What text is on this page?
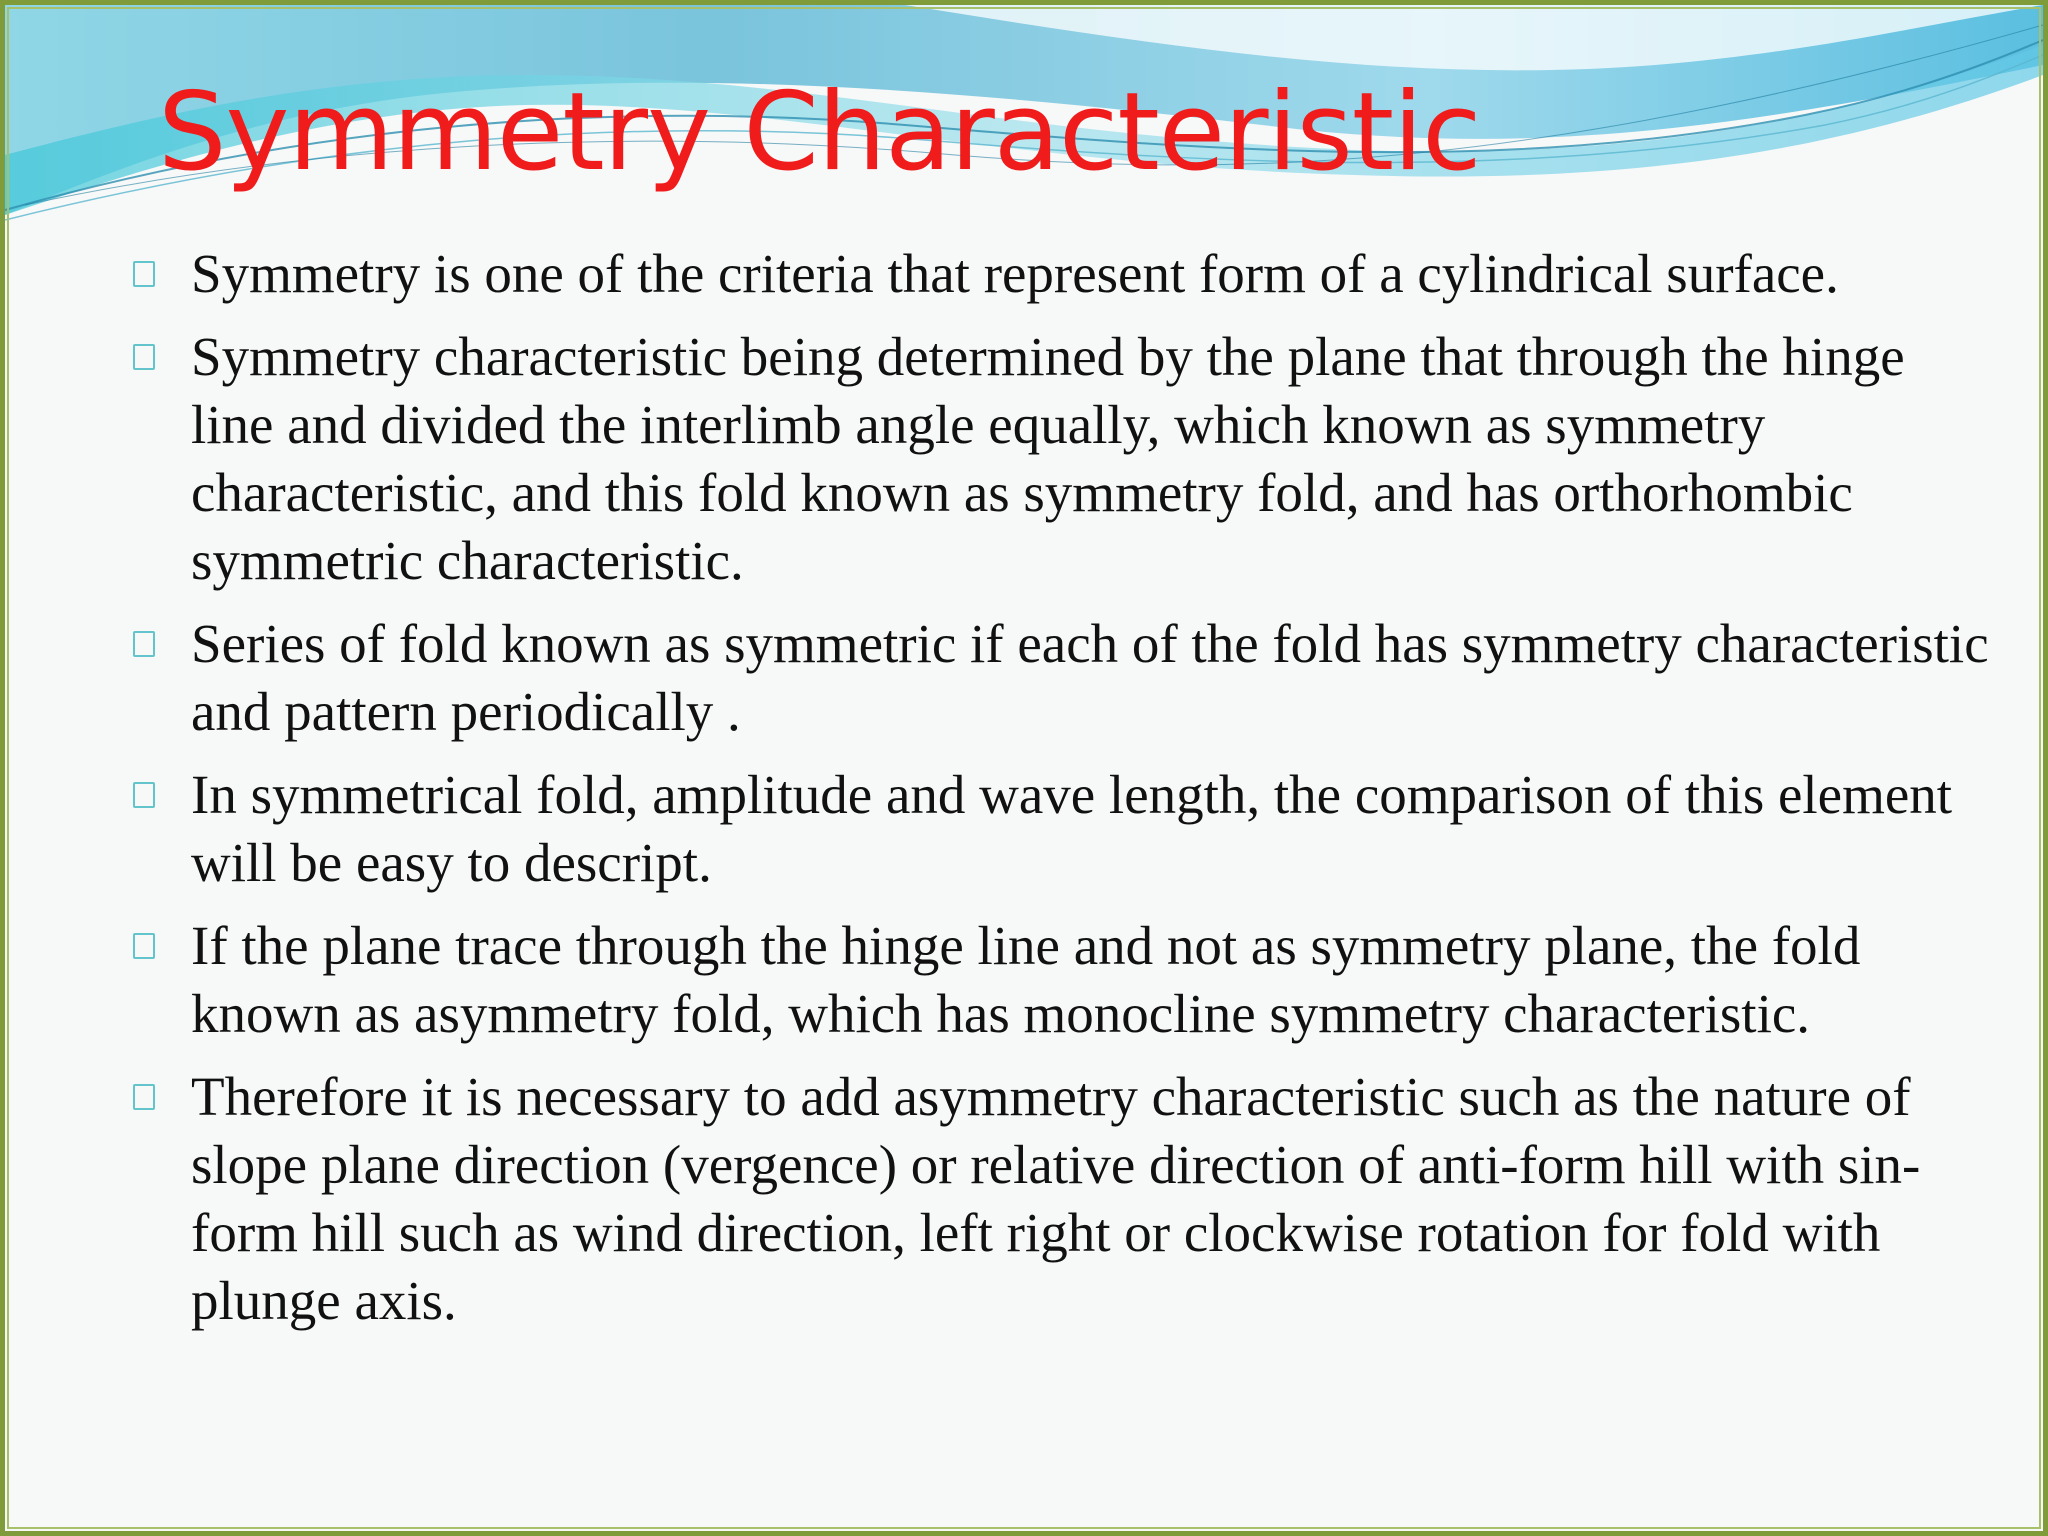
Symmetry Characteristic
Symmetry is one of the criteria that represent form of a cylindrical surface.
Symmetry characteristic being determined by the plane that through the hinge line and divided the interlimb angle equally, which known as symmetry characteristic, and this fold known as symmetry fold, and has orthorhombic symmetric characteristic.
Series of fold known as symmetric if each of the fold has symmetry characteristic and pattern periodically .
In symmetrical fold, amplitude and wave length, the comparison of this element will be easy to descript.
If the plane trace through the hinge line and not as symmetry plane, the fold known as asymmetry fold, which has monocline symmetry characteristic.
Therefore it is necessary to add asymmetry characteristic such as the nature of slope plane direction (vergence) or relative direction of anti-form hill with sin-form hill such as wind direction, left right or clockwise rotation for fold with plunge axis.
